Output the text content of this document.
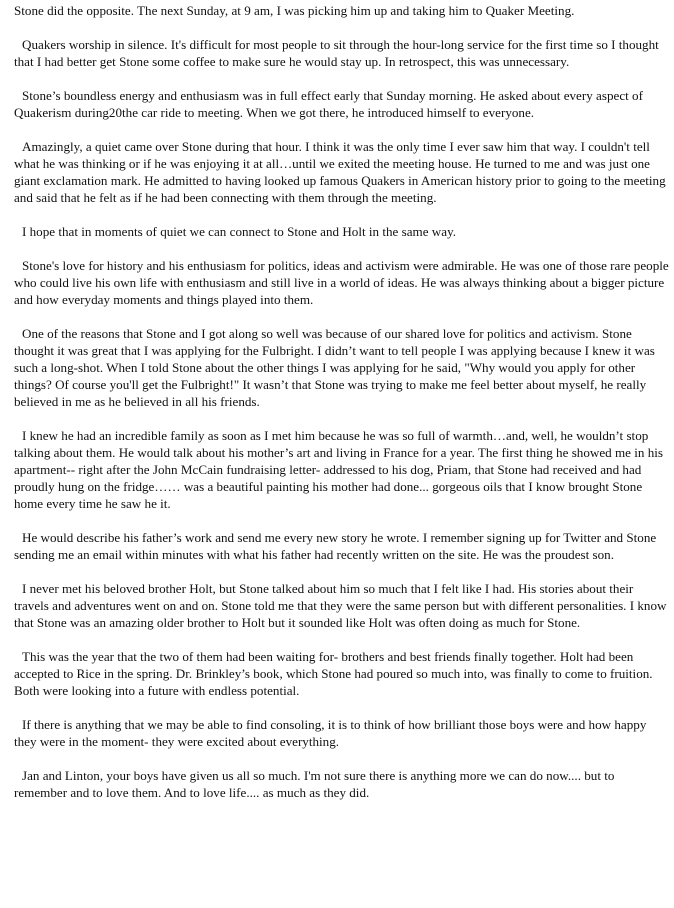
Stone did the opposite. The next Sunday, at 9 am, I was picking him up and taking him to Quaker Meeting.

Quakers worship in silence. It's difficult for most people to sit through the hour-long service for the first time so I thought that I had better get Stone some coffee to make sure he would stay up. In retrospect, this was unnecessary.

Stone’s boundless energy and enthusiasm was in full effect early that Sunday morning. He asked about every aspect of Quakerism during20the car ride to meeting. When we got there, he introduced himself to everyone.

Amazingly, a quiet came over Stone during that hour. I think it was the only time I ever saw him that way. I couldn't tell what he was thinking or if he was enjoying it at all…until we exited the meeting house. He turned to me and was just one giant exclamation mark. He admitted to having looked up famous Quakers in American history prior to going to the meeting and said that he felt as if he had been connecting with them through the meeting.

I hope that in moments of quiet we can connect to Stone and Holt in the same way.

Stone's love for history and his enthusiasm for politics, ideas and activism were admirable. He was one of those rare people who could live his own life with enthusiasm and still live in a world of ideas. He was always thinking about a bigger picture and how everyday moments and things played into them.

One of the reasons that Stone and I got along so well was because of our shared love for politics and activism. Stone thought it was great that I was applying for the Fulbright. I didn’t want to tell people I was applying because I knew it was such a long-shot. When I told Stone about the other things I was applying for he said, "Why would you apply for other things? Of course you'll get the Fulbright!" It wasn’t that Stone was trying to make me feel better about myself, he really believed in me as he believed in all his friends.

I knew he had an incredible family as soon as I met him because he was so full of warmth…and, well, he wouldn’t stop talking about them. He would talk about his mother’s art and living in France for a year. The first thing he showed me in his apartment-- right after the John McCain fundraising letter- addressed to his dog, Priam, that Stone had received and had proudly hung on the fridge…… was a beautiful painting his mother had done... gorgeous oils that I know brought Stone home every time he saw he it.

He would describe his father’s work and send me every new story he wrote. I remember signing up for Twitter and Stone sending me an email within minutes with what his father had recently written on the site. He was the proudest son.

I never met his beloved brother Holt, but Stone talked about him so much that I felt like I had. His stories about their travels and adventures went on and on. Stone told me that they were the same person but with different personalities. I know that Stone was an amazing older brother to Holt but it sounded like Holt was often doing as much for Stone.

This was the year that the two of them had been waiting for- brothers and best friends finally together. Holt had been accepted to Rice in the spring. Dr. Brinkley’s book, which Stone had poured so much into, was finally to come to fruition. Both were looking into a future with endless potential.

If there is anything that we may be able to find consoling, it is to think of how brilliant those boys were and how happy they were in the moment- they were excited about everything.

Jan and Linton, your boys have given us all so much. I'm not sure there is anything more we can do now.... but to remember and to love them. And to love life.... as much as they did.
